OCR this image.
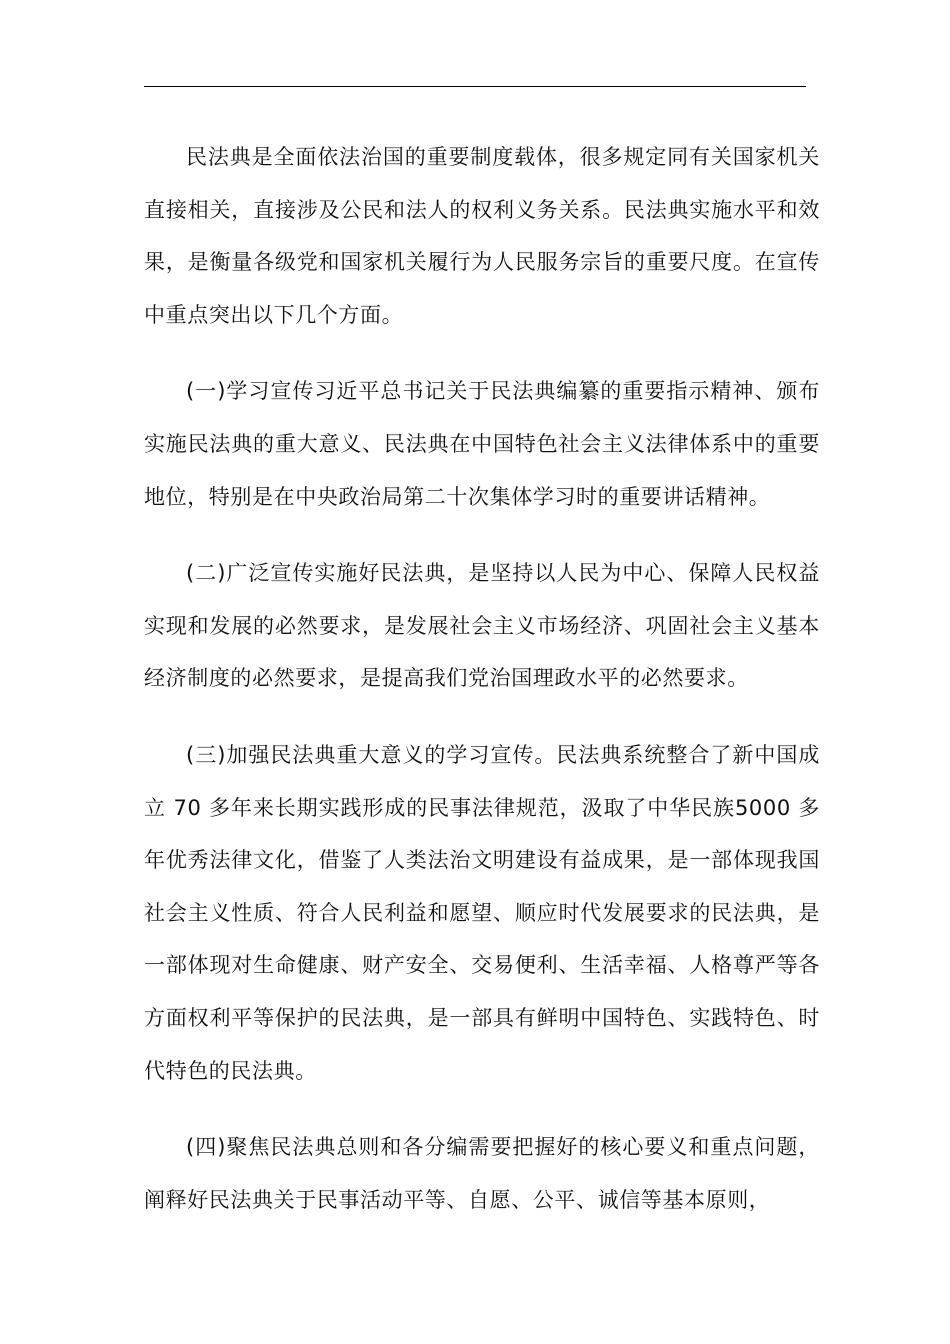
民法典是全面依法治国的重要制度载体，很多规定同有关国家机关直接相关，直接涉及公民和法人的权利义务关系。民法典实施水平和效果，是衡量各级党和国家机关履行为人民服务宗旨的重要尺度。在宣传中重点突出以下几个方面。

(一)学习宣传习近平总书记关于民法典编纂的重要指示精神、颁布实施民法典的重大意义、民法典在中国特色社会主义法律体系中的重要地位，特别是在中央政治局第二十次集体学习时的重要讲话精神。

(二)广泛宣传实施好民法典，是坚持以人民为中心、保障人民权益实现和发展的必然要求，是发展社会主义市场经济、巩固社会主义基本经济制度的必然要求，是提高我们党治国理政水平的必然要求。

(三)加强民法典重大意义的学习宣传。民法典系统整合了新中国成立 70 多年来长期实践形成的民事法律规范，汲取了中华民族5000 多年优秀法律文化，借鉴了人类法治文明建设有益成果，是一部体现我国社会主义性质、符合人民利益和愿望、顺应时代发展要求的民法典，是一部体现对生命健康、财产安全、交易便利、生活幸福、人格尊严等各方面权利平等保护的民法典，是一部具有鲜明中国特色、实践特色、时代特色的民法典。

(四)聚焦民法典总则和各分编需要把握好的核心要义和重点问题，阐释好民法典关于民事活动平等、自愿、公平、诚信等基本原则，
